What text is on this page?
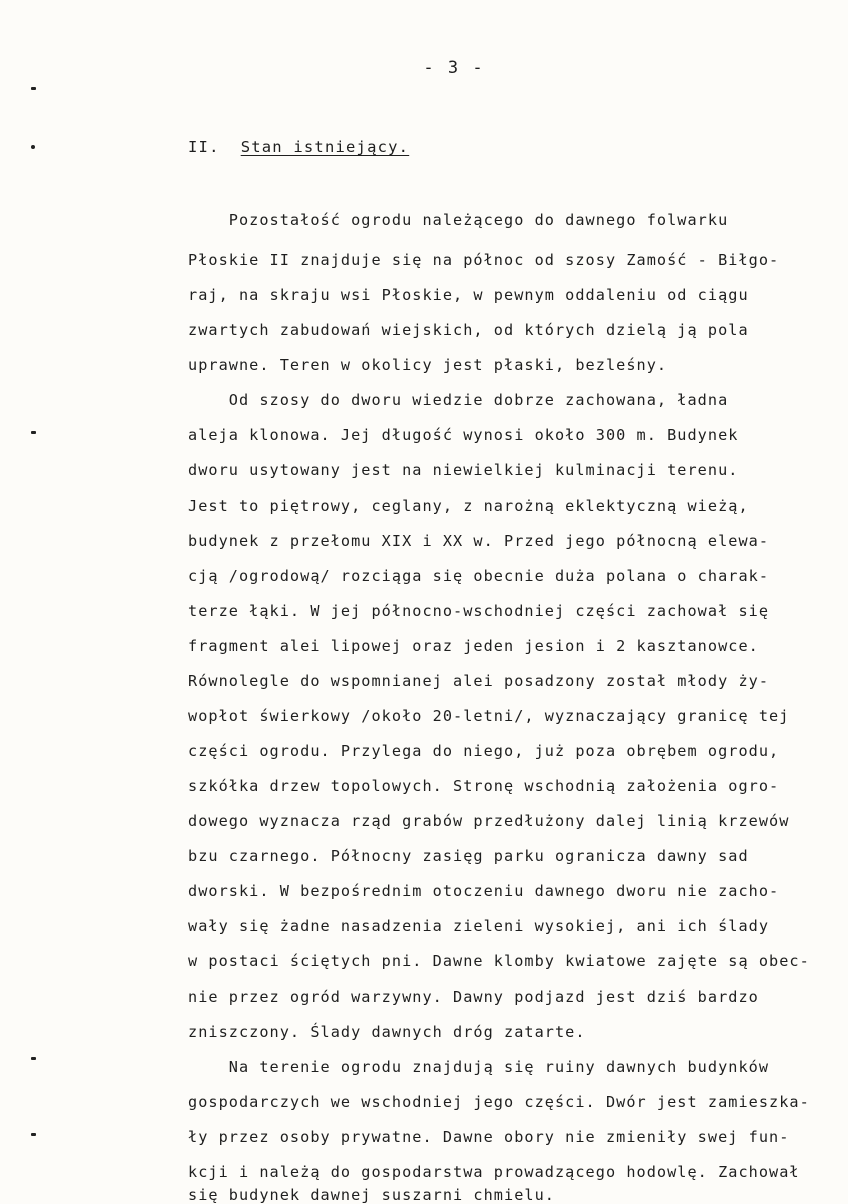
- 3 -
II. Stan istniejący.
Pozostałość ogrodu należącego do dawnego folwarku
Płoskie II znajduje się na północ od szosy Zamość - Biłgo-
raj, na skraju wsi Płoskie, w pewnym oddaleniu od ciągu
zwartych zabudowań wiejskich, od których dzielą ją pola
uprawne. Teren w okolicy jest płaski, bezleśny.
Od szosy do dworu wiedzie dobrze zachowana, ładna
aleja klonowa. Jej długość wynosi około 300 m. Budynek
dworu usytowany jest na niewielkiej kulminacji terenu.
Jest to piętrowy, ceglany, z narożną eklektyczną wieżą,
budynek z przełomu XIX i XX w. Przed jego północną elewa-
cją /ogrodową/ rozciąga się obecnie duża polana o charak-
terze łąki. W jej północno-wschodniej części zachował się
fragment alei lipowej oraz jeden jesion i 2 kasztanowce.
Równolegle do wspomnianej alei posadzony został młody ży-
wopłot świerkowy /około 20-letni/, wyznaczający granicę tej
części ogrodu. Przylega do niego, już poza obrębem ogrodu,
szkółka drzew topolowych. Stronę wschodnią założenia ogro-
dowego wyznacza rząd grabów przedłużony dalej linią krzewów
bzu czarnego. Północny zasięg parku ogranicza dawny sad
dworski. W bezpośrednim otoczeniu dawnego dworu nie zacho-
wały się żadne nasadzenia zieleni wysokiej, ani ich ślady
w postaci ściętych pni. Dawne klomby kwiatowe zajęte są obec-
nie przez ogród warzywny. Dawny podjazd jest dziś bardzo
zniszczony. Ślady dawnych dróg zatarte.
Na terenie ogrodu znajdują się ruiny dawnych budynków
gospodarczych we wschodniej jego części. Dwór jest zamieszka-
ły przez osoby prywatne. Dawne obory nie zmieniły swej fun-
kcji i należą do gospodarstwa prowadzącego hodowlę. Zachował
się budynek dawnej suszarni chmielu.
